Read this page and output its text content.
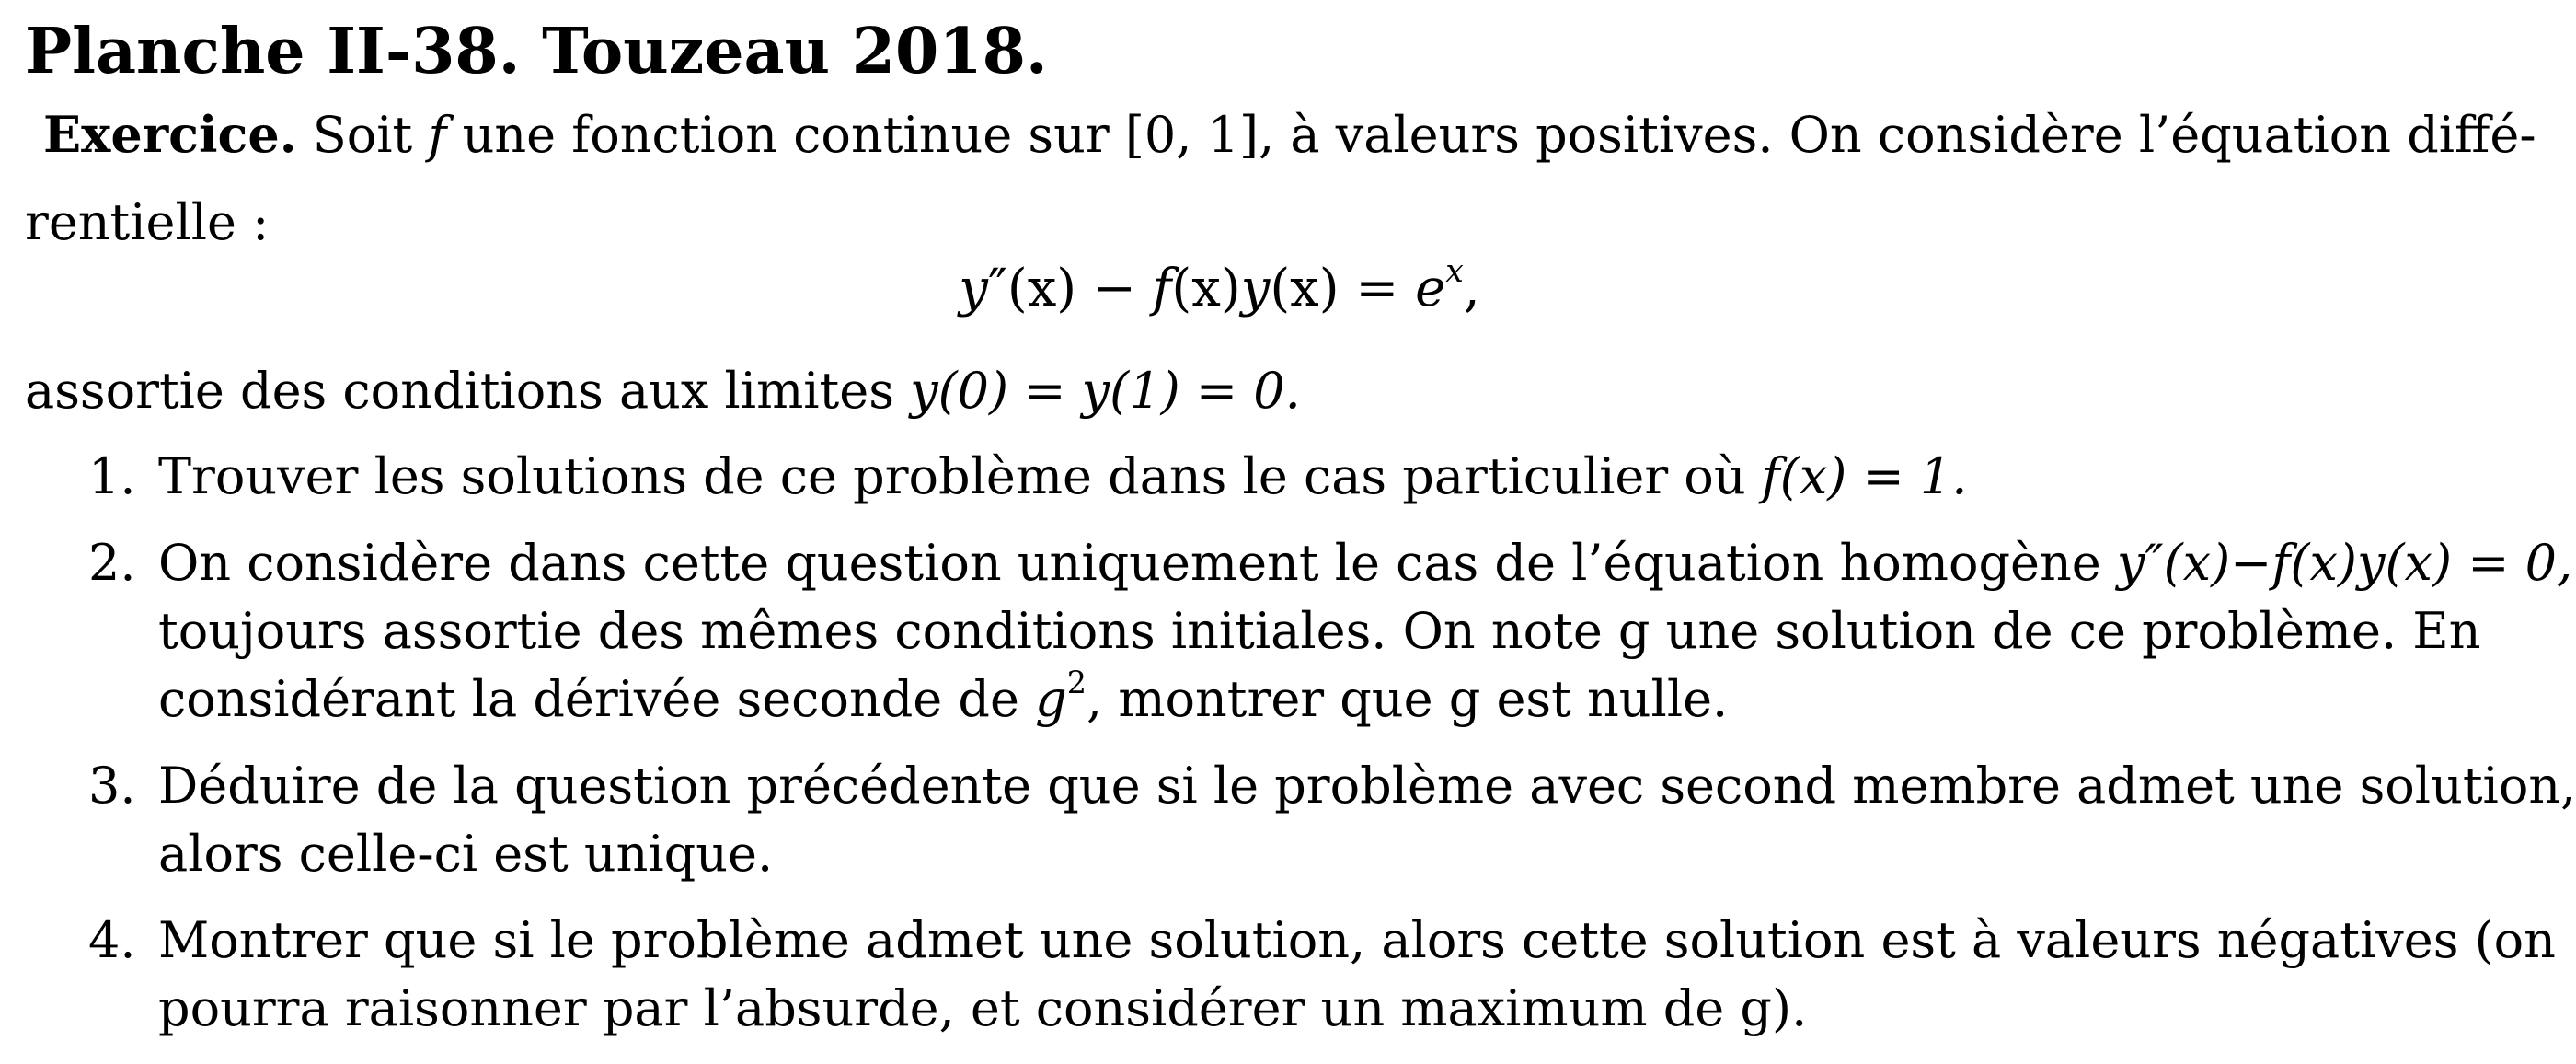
Planche II-38. Touzeau 2018.
Exercice. Soit f une fonction continue sur [0, 1], à valeurs positives. On considère l’équation diffé-
rentielle :
$y''(x) - f(x)y(x) = e^x$,
assortie des conditions aux limites y(0) = y(1) = 0.
1. Trouver les solutions de ce problème dans le cas particulier où f(x) = 1.
2. On considère dans cette question uniquement le cas de l’équation homogène y″(x)−f(x)y(x) = 0,
toujours assortie des mêmes conditions initiales. On note g une solution de ce problème. En
considérant la dérivée seconde de $g^2$, montrer que g est nulle.
3. Déduire de la question précédente que si le problème avec second membre admet une solution,
alors celle-ci est unique.
4. Montrer que si le problème admet une solution, alors cette solution est à valeurs négatives (on
pourra raisonner par l’absurde, et considérer un maximum de g).
